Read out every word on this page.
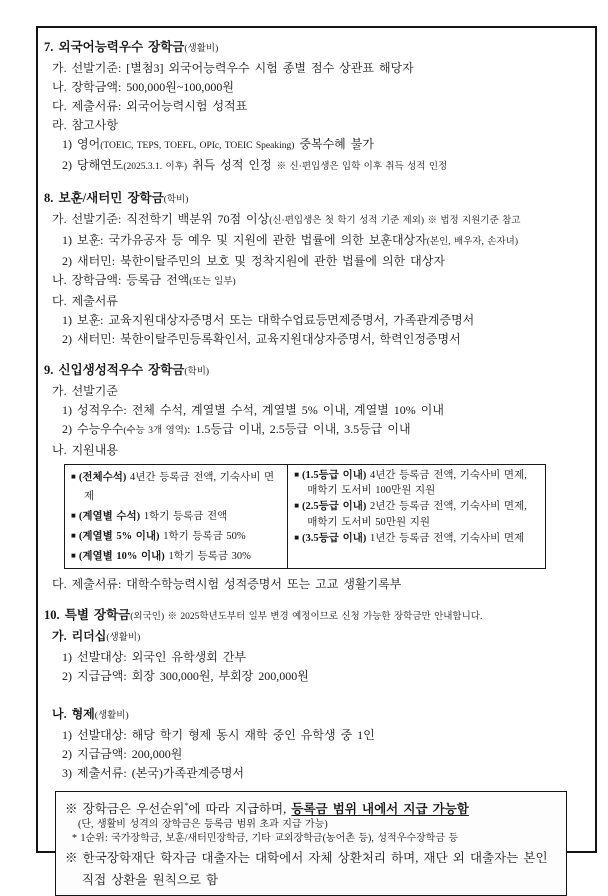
7. 외국어능력우수 장학금(생활비)
가. 선발기준: [별첨3] 외국어능력우수 시험 종별 점수 상관표 해당자
나. 장학금액: 500,000원~100,000원
다. 제출서류: 외국어능력시험 성적표
라. 참고사항
1) 영어(TOEIC, TEPS, TOEFL, OPIc, TOEIC Speaking) 중복수혜 불가
2) 당해연도(2025.3.1. 이후) 취득 성적 인정 ※ 신·편입생은 입학 이후 취득 성적 인정
8. 보훈/새터민 장학금(학비)
가. 선발기준: 직전학기 백분위 70점 이상(신·편입생은 첫 학기 성적 기준 제외) ※ 법정 지원기준 참고
1) 보훈: 국가유공자 등 예우 및 지원에 관한 법률에 의한 보훈대상자(본인, 배우자, 손자녀)
2) 새터민: 북한이탈주민의 보호 및 정착지원에 관한 법률에 의한 대상자
나. 장학금액: 등록금 전액(또는 일부)
다. 제출서류
1) 보훈: 교육지원대상자증명서 또는 대학수업료등면제증명서, 가족관계증명서
2) 새터민: 북한이탈주민등록확인서, 교육지원대상자증명서, 학력인정증명서
9. 신입생성적우수 장학금(학비)
가. 선발기준
1) 성적우수: 전체 수석, 계열별 수석, 계열별 5% 이내, 계열별 10% 이내
2) 수능우수(수능 3개 영역): 1.5등급 이내, 2.5등급 이내, 3.5등급 이내
나. 지원내용
■ (전체수석) 4년간 등록금 전액, 기숙사비 면제
■ (계열별 수석) 1학기 등록금 전액
■ (계열별 5% 이내) 1학기 등록금 50%
■ (계열별 10% 이내) 1학기 등록금 30%
■ (1.5등급 이내) 4년간 등록금 전액, 기숙사비 면제, 매학기 도서비 100만원 지원
■ (2.5등급 이내) 2년간 등록금 전액, 기숙사비 면제, 매학기 도서비 50만원 지원
■ (3.5등급 이내) 1년간 등록금 전액, 기숙사비 면제
다. 제출서류: 대학수학능력시험 성적증명서 또는 고교 생활기록부
10. 특별 장학금(외국인) ※ 2025학년도부터 일부 변경 예정이므로 신청 가능한 장학금만 안내합니다.
가. 리더십(생활비)
1) 선발대상: 외국인 유학생회 간부
2) 지급금액: 회장 300,000원, 부회장 200,000원
나. 형제(생활비)
1) 선발대상: 해당 학기 형제 동시 재학 중인 유학생 중 1인
2) 지급금액: 200,000원
3) 제출서류: (본국)가족관계증명서
※ 장학금은 우선순위*에 따라 지급하며, 등록금 범위 내에서 지급 가능함
(단, 생활비 성격의 장학금은 등록금 범위 초과 지급 가능)
* 1순위: 국가장학금, 보훈/새터민장학금, 기타 교외장학금(농어촌 등), 성적우수장학금 등
※ 한국장학재단 학자금 대출자는 대학에서 자체 상환처리 하며, 재단 외 대출자는 본인
직접 상환을 원칙으로 함
